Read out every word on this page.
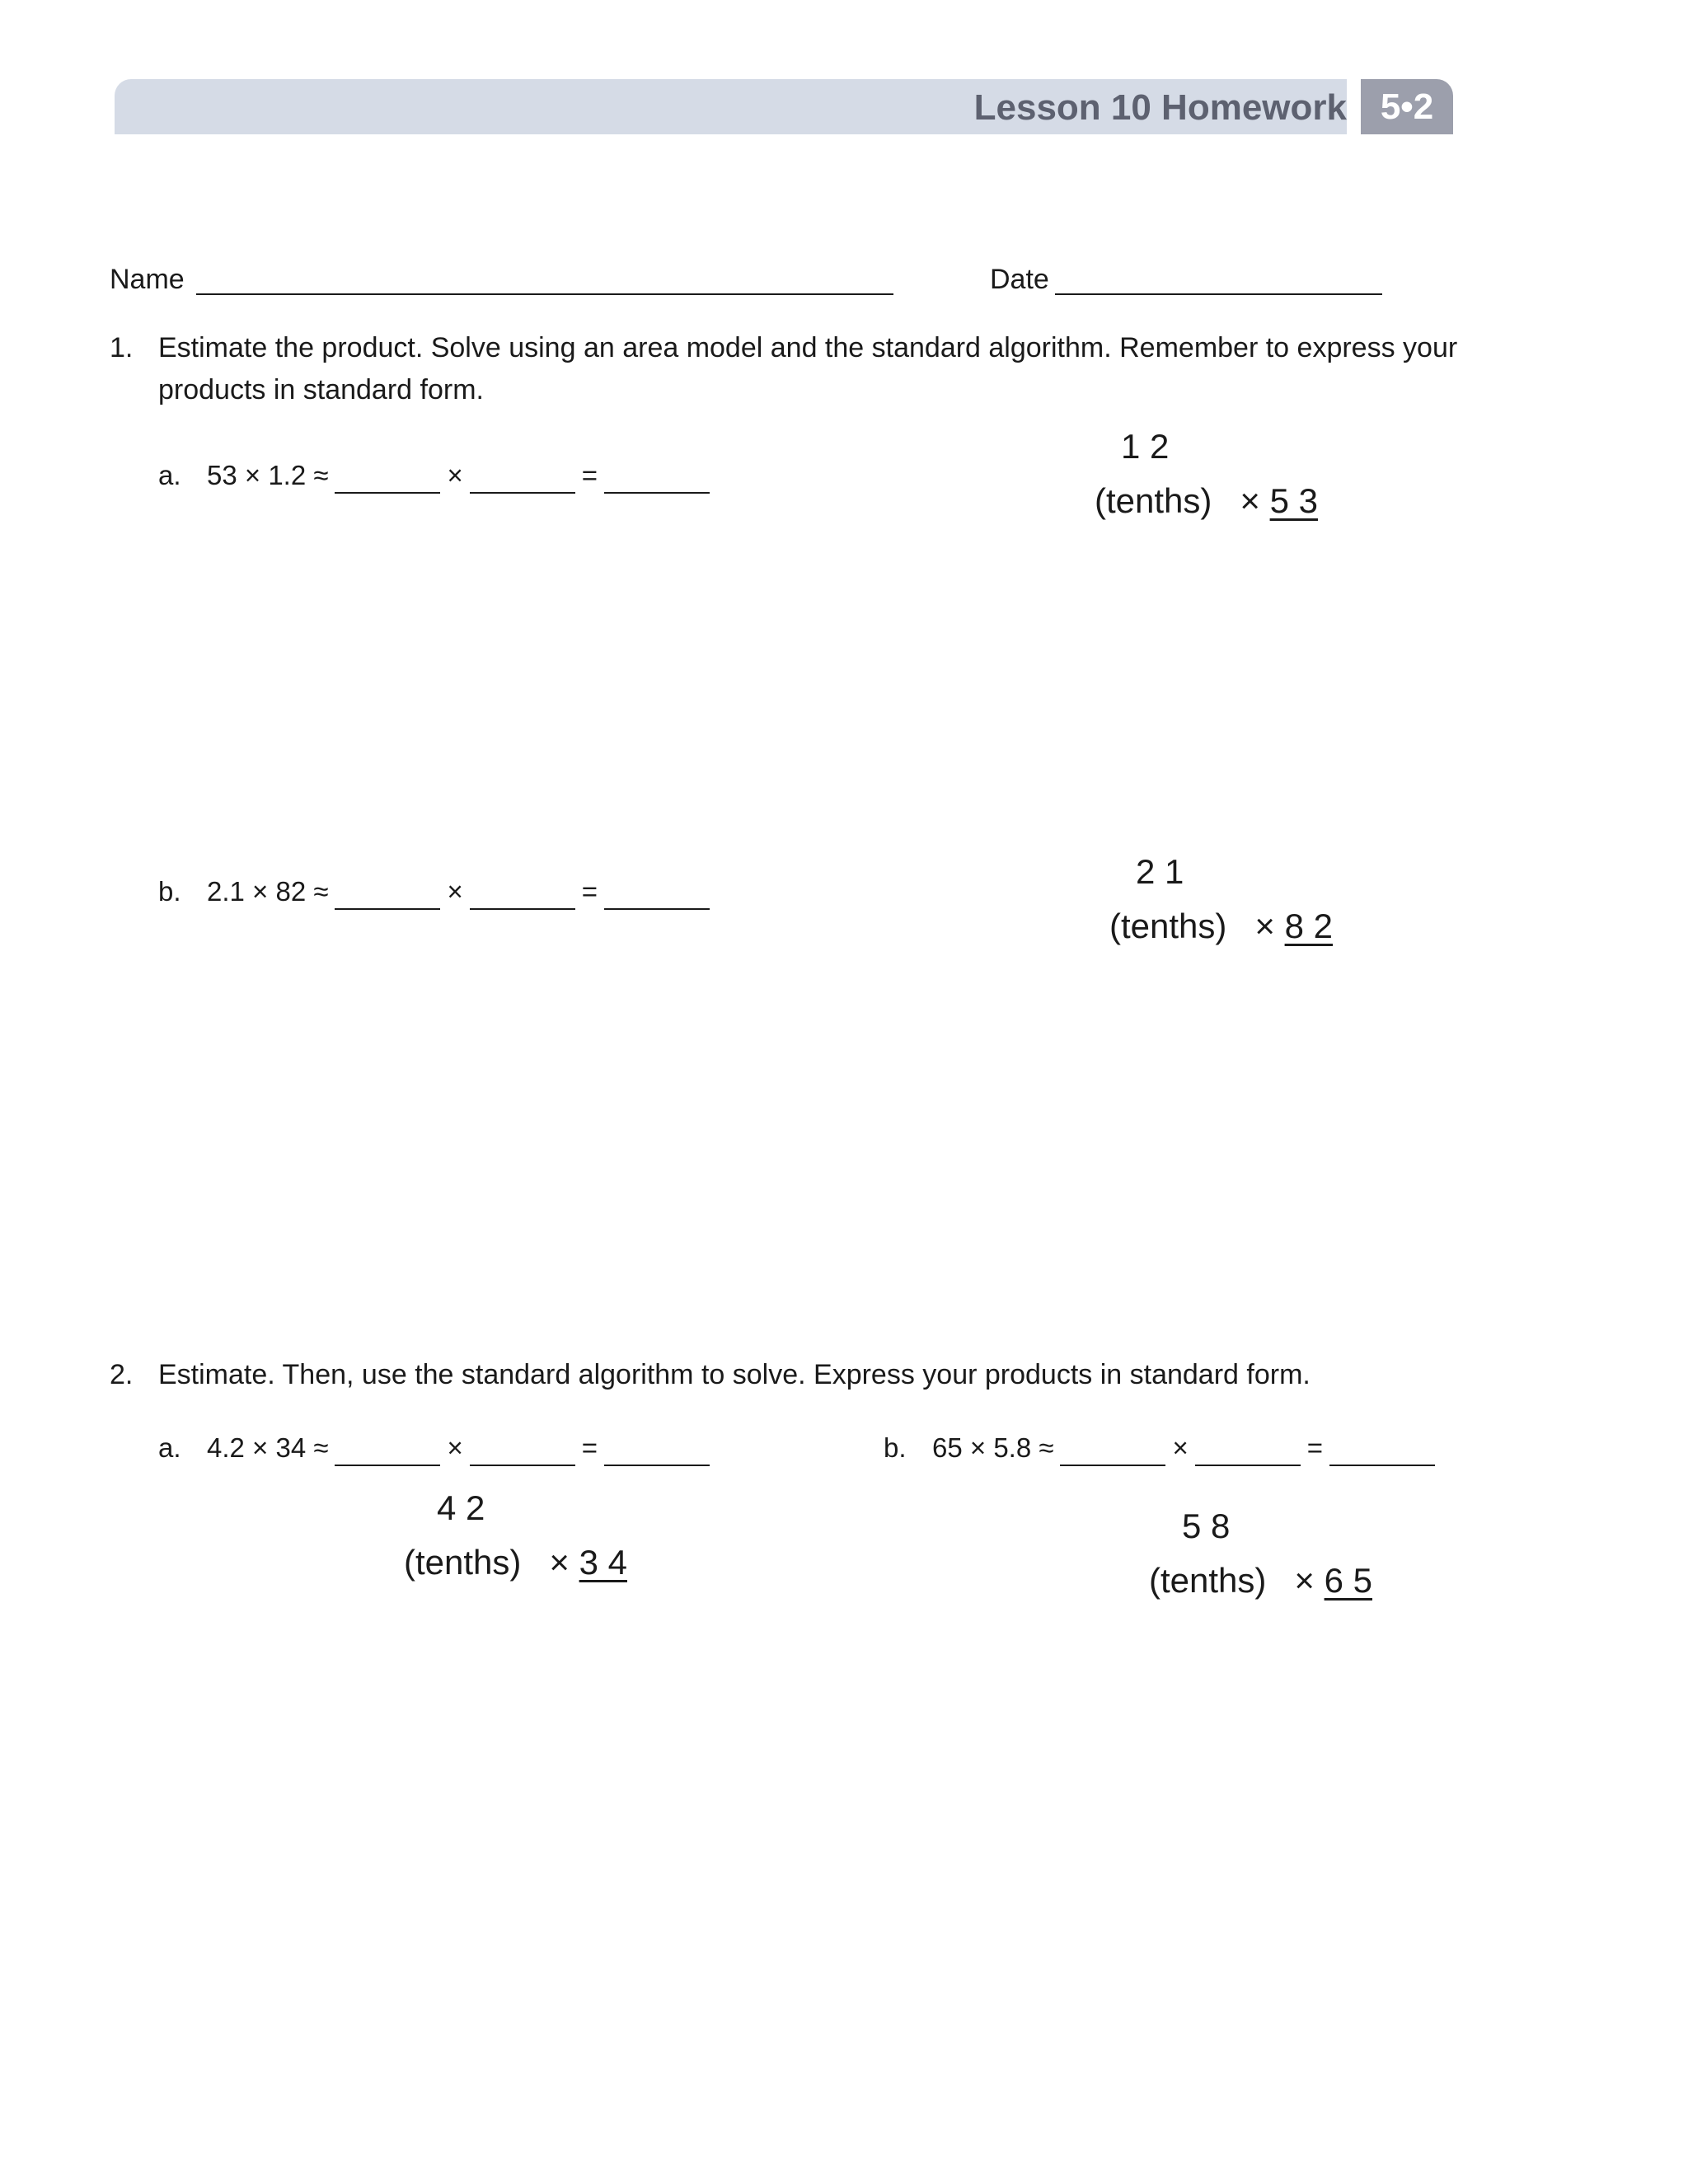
Lesson 10 Homework 5•2
Name	Date
1. Estimate the product. Solve using an area model and the standard algorithm. Remember to express your
products in standard form.
a. 53 × 1.2 ≈	×	=
1 2
(tenths) × 5 3
b. 2.1 × 82 ≈	×	=
2 1
(tenths) × 8 2
2. Estimate. Then, use the standard algorithm to solve. Express your products in standard form.
a. 4.2 × 34 ≈	×	=
4 2
(tenths) × 3 4
b. 65 × 5.8 ≈	×	=
5 8
(tenths) × 6 5
